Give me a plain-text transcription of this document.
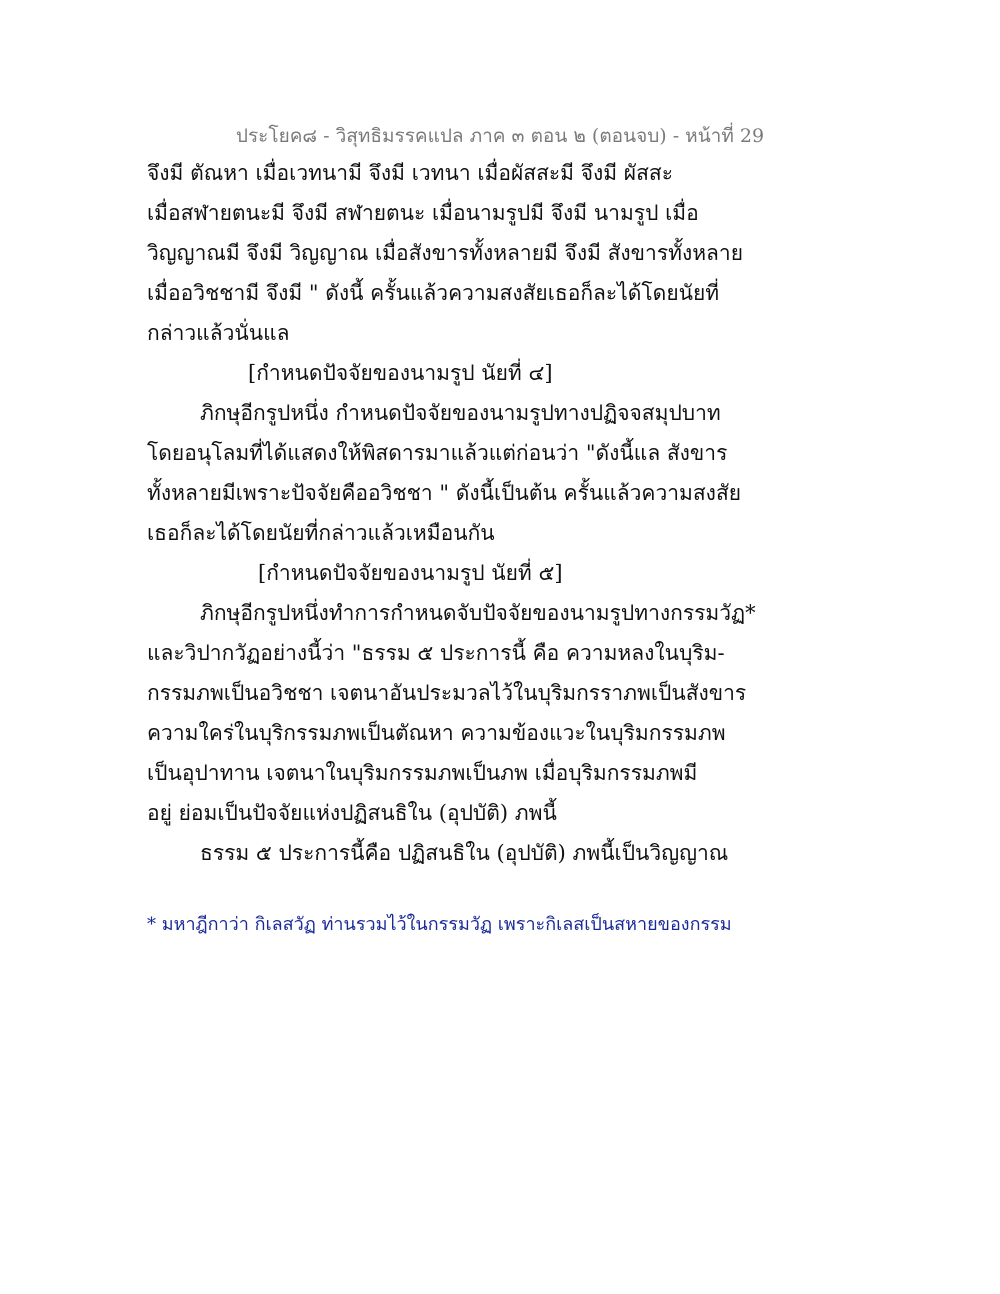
ประโยค๘ - วิสุทธิมรรคแปล ภาค ๓ ตอน ๒ (ตอนจบ) - หน้าที่ 29
จึงมี ตัณหา เมื่อเวทนามี จึงมี เวทนา เมื่อผัสสะมี จึงมี ผัสสะ
เมื่อสฬายตนะมี จึงมี สฬายตนะ เมื่อนามรูปมี จึงมี นามรูป เมื่อ
วิญญาณมี จึงมี วิญญาณ เมื่อสังขารทั้งหลายมี จึงมี สังขารทั้งหลาย
เมื่ออวิชชามี จึงมี " ดังนี้ ครั้นแล้วความสงสัยเธอก็ละได้โดยนัยที่
กล่าวแล้วนั่นแล
[กำหนดปัจจัยของนามรูป นัยที่ ๔]
ภิกษุอีกรูปหนึ่ง กำหนดปัจจัยของนามรูปทางปฏิจจสมุปบาท
โดยอนุโลมที่ได้แสดงให้พิสดารมาแล้วแต่ก่อนว่า "ดังนี้แล สังขาร
ทั้งหลายมีเพราะปัจจัยคืออวิชชา " ดังนี้เป็นต้น ครั้นแล้วความสงสัย
เธอก็ละได้โดยนัยที่กล่าวแล้วเหมือนกัน
[กำหนดปัจจัยของนามรูป นัยที่ ๕]
ภิกษุอีกรูปหนึ่งทำการกำหนดจับปัจจัยของนามรูปทางกรรมวัฏ*
และวิปากวัฏอย่างนี้ว่า "ธรรม ๕ ประการนี้ คือ ความหลงในบุริม-
กรรมภพเป็นอวิชชา เจตนาอันประมวลไว้ในบุริมกรราภพเป็นสังขาร
ความใคร่ในบุริกรรมภพเป็นตัณหา ความข้องแวะในบุริมกรรมภพ
เป็นอุปาทาน เจตนาในบุริมกรรมภพเป็นภพ เมื่อบุริมกรรมภพมี
อยู่ ย่อมเป็นปัจจัยแห่งปฏิสนธิใน (อุปบัติ) ภพนี้
ธรรม ๕ ประการนี้คือ ปฏิสนธิใน (อุปบัติ) ภพนี้เป็นวิญญาณ
* มหาฎีกาว่า กิเลสวัฏ ท่านรวมไว้ในกรรมวัฏ เพราะกิเลสเป็นสหายของกรรม
